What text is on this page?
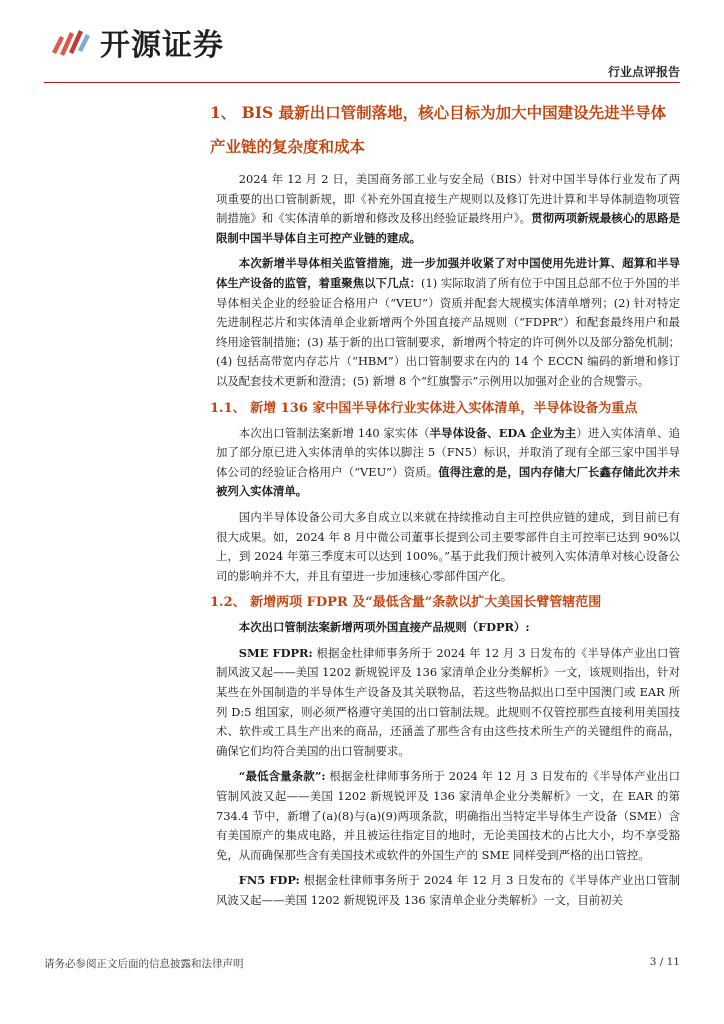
开源证券
行业点评报告
1、 BIS 最新出口管制落地，核心目标为加大中国建设先进半导体产业链的复杂度和成本

2024 年 12 月 2 日，美国商务部工业与安全局（BIS）针对中国半导体行业发布了两项重要的出口管制新规，即《补充外国直接生产规则以及修订先进计算和半导体制造物项管制措施》和《实体清单的新增和修改及移出经验证最终用户》。贯彻两项新规最核心的思路是限制中国半导体自主可控产业链的建成。

本次新增半导体相关监管措施，进一步加强并收紧了对中国使用先进计算、超算和半导体生产设备的监管，着重聚焦以下几点：(1) 实际取消了所有位于中国且总部不位于外国的半导体相关企业的经验证合格用户（“VEU”）资质并配套大规模实体清单增列；(2) 针对特定先进制程芯片和实体清单企业新增两个外国直接产品规则（“FDPR”）和配套最终用户和最终用途管制措施；(3) 基于新的出口管制要求，新增两个特定的许可例外以及部分豁免机制；(4) 包括高带宽内存芯片（“HBM”）出口管制要求在内的 14 个 ECCN 编码的新增和修订以及配套技术更新和澄清；(5) 新增 8 个“红旗警示”示例用以加强对企业的合规警示。

1.1、 新增 136 家中国半导体行业实体进入实体清单，半导体设备为重点

本次出口管制法案新增 140 家实体（半导体设备、EDA 企业为主）进入实体清单、追加了部分原已进入实体清单的实体以脚注 5（FN5）标识，并取消了现有全部三家中国半导体公司的经验证合格用户（“VEU”）资质。值得注意的是，国内存储大厂长鑫存储此次并未被列入实体清单。

国内半导体设备公司大多自成立以来就在持续推动自主可控供应链的建成，到目前已有很大成果。如，2024 年 8 月中微公司董事长提到公司主要零部件自主可控率已达到 90%以上，到 2024 年第三季度末可以达到 100%。”基于此我们预计被列入实体清单对核心设备公司的影响并不大，并且有望进一步加速核心零部件国产化。

1.2、 新增两项 FDPR 及“最低含量”条款以扩大美国长臂管辖范围

本次出口管制法案新增两项外国直接产品规则（FDPR）:

SME FDPR: 根据金杜律师事务所于 2024 年 12 月 3 日发布的《半导体产业出口管制风波又起——美国 1202 新规锐评及 136 家清单企业分类解析》一文，该规则指出，针对某些在外国制造的半导体生产设备及其关联物品，若这些物品拟出口至中国澳门或 EAR 所列 D:5 组国家，则必须严格遵守美国的出口管制法规。此规则不仅管控那些直接利用美国技术、软件或工具生产出来的商品，还涵盖了那些含有由这些技术所生产的关键组件的商品，确保它们均符合美国的出口管制要求。

“最低含量条款”: 根据金杜律师事务所于 2024 年 12 月 3 日发布的《半导体产业出口管制风波又起——美国 1202 新规锐评及 136 家清单企业分类解析》一文，在 EAR 的第 734.4 节中，新增了(a)(8)与(a)(9)两项条款，明确指出当特定半导体生产设备（SME）含有美国原产的集成电路，并且被运往指定目的地时，无论美国技术的占比大小，均不享受豁免，从而确保那些含有美国技术或软件的外国生产的 SME 同样受到严格的出口管控。

FN5 FDP: 根据金杜律师事务所于 2024 年 12 月 3 日发布的《半导体产业出口管制风波又起——美国 1202 新规锐评及 136 家清单企业分类解析》一文，目前初关

请务必参阅正文后面的信息披露和法律声明	3 / 11
